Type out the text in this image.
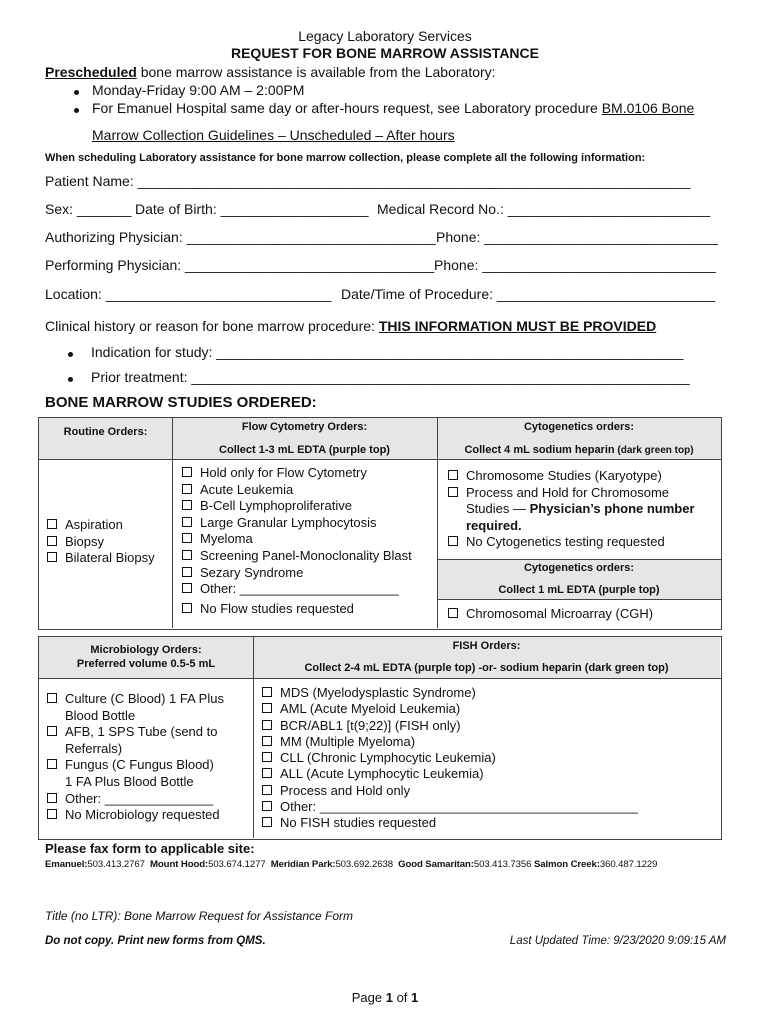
Legacy Laboratory Services
REQUEST FOR BONE MARROW ASSISTANCE
Prescheduled bone marrow assistance is available from the Laboratory:
Monday-Friday 9:00 AM – 2:00PM
For Emanuel Hospital same day or after-hours request, see Laboratory procedure BM.0106 Bone
Marrow Collection Guidelines – Unscheduled – After hours
When scheduling Laboratory assistance for bone marrow collection, please complete all the following information:
Patient Name: _______________________________________________________________________
Sex: _______ Date of Birth: ___________________ Medical Record No.: __________________________
Authorizing Physician: ________________________________ Phone: ______________________________
Performing Physician: ________________________________ Phone: ______________________________
Location: _____________________________ Date/Time of Procedure: ____________________________
Clinical history or reason for bone marrow procedure: THIS INFORMATION MUST BE PROVIDED
Indication for study: ____________________________________________________________
Prior treatment: ________________________________________________________________
BONE MARROW STUDIES ORDERED:
Routine Orders:	Flow Cytometry Orders:
Collect 1-3 mL EDTA (purple top)
Cytogenetics orders:
Collect 4 mL sodium heparin (dark green top)
Aspiration
Biopsy
Bilateral Biopsy
Hold only for Flow Cytometry
Acute Leukemia
B-Cell Lymphoproliferative
Large Granular Lymphocytosis
Myeloma
Screening Panel-Monoclonality Blast
Sezary Syndrome
Other: ______________________
No Flow studies requested
Chromosome Studies (Karyotype)
Process and Hold for Chromosome
Studies — Physician’s phone number
required.
No Cytogenetics testing requested
Cytogenetics orders:
Collect 1 mL EDTA (purple top)
Chromosomal Microarray (CGH)
Microbiology Orders:
Preferred volume 0.5-5 mL
FISH Orders:
Collect 2-4 mL EDTA (purple top) -or- sodium heparin (dark green top)
Culture (C Blood) 1 FA Plus
Blood Bottle
AFB, 1 SPS Tube (send to
Referrals)
Fungus (C Fungus Blood)
1 FA Plus Blood Bottle
Other: _______________
No Microbiology requested
MDS (Myelodysplastic Syndrome)
AML (Acute Myeloid Leukemia)
BCR/ABL1 [t(9;22)] (FISH only)
MM (Multiple Myeloma)
CLL (Chronic Lymphocytic Leukemia)
ALL (Acute Lymphocytic Leukemia)
Process and Hold only
Other: ____________________________________________
No FISH studies requested
Please fax form to applicable site:
Emanuel:503.413.2767 Mount Hood:503.674.1277 Meridian Park:503.692.2638 Good Samaritan:503.413.7356 Salmon Creek:360.487.1229
Title (no LTR): Bone Marrow Request for Assistance Form
Do not copy. Print new forms from QMS.	Last Updated Time: 9/23/2020 9:09:15 AM
Page 1 of 1
